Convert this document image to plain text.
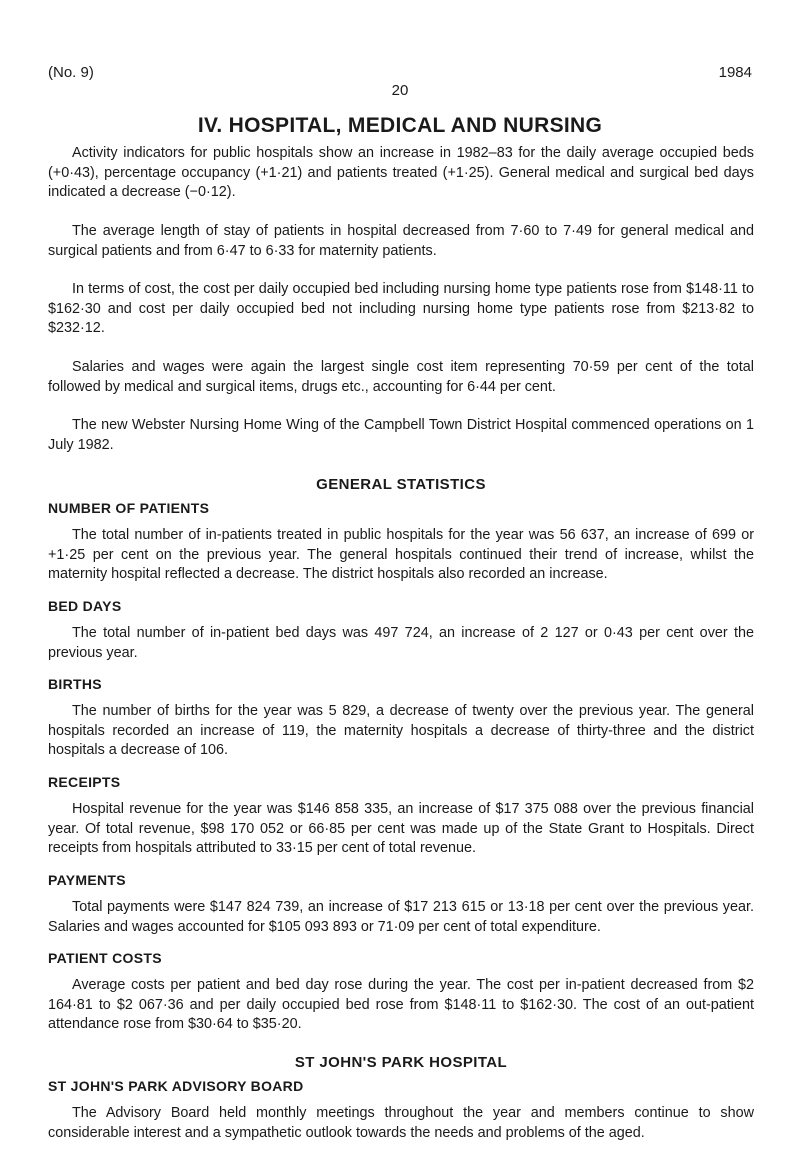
(No. 9)	1984
20
IV. HOSPITAL, MEDICAL AND NURSING

Activity indicators for public hospitals show an increase in 1982–83 for the daily average occupied beds (+0·43), percentage occupancy (+1·21) and patients treated (+1·25). General medical and surgical bed days indicated a decrease (−0·12).

The average length of stay of patients in hospital decreased from 7·60 to 7·49 for general medical and surgical patients and from 6·47 to 6·33 for maternity patients.

In terms of cost, the cost per daily occupied bed including nursing home type patients rose from $148·11 to $162·30 and cost per daily occupied bed not including nursing home type patients rose from $213·82 to $232·12.

Salaries and wages were again the largest single cost item representing 70·59 per cent of the total followed by medical and surgical items, drugs etc., accounting for 6·44 per cent.

The new Webster Nursing Home Wing of the Campbell Town District Hospital commenced operations on 1 July 1982.

GENERAL STATISTICS
NUMBER OF PATIENTS

The total number of in-patients treated in public hospitals for the year was 56 637, an increase of 699 or +1·25 per cent on the previous year. The general hospitals continued their trend of increase, whilst the maternity hospital reflected a decrease. The district hospitals also recorded an increase.

BED DAYS

The total number of in-patient bed days was 497 724, an increase of 2 127 or 0·43 per cent over the previous year.

BIRTHS

The number of births for the year was 5 829, a decrease of twenty over the previous year. The general hospitals recorded an increase of 119, the maternity hospitals a decrease of thirty-three and the district hospitals a decrease of 106.

RECEIPTS

Hospital revenue for the year was $146 858 335, an increase of $17 375 088 over the previous financial year. Of total revenue, $98 170 052 or 66·85 per cent was made up of the State Grant to Hospitals. Direct receipts from hospitals attributed to 33·15 per cent of total revenue.

PAYMENTS

Total payments were $147 824 739, an increase of $17 213 615 or 13·18 per cent over the previous year. Salaries and wages accounted for $105 093 893 or 71·09 per cent of total expenditure.

PATIENT COSTS

Average costs per patient and bed day rose during the year. The cost per in-patient decreased from $2 164·81 to $2 067·36 and per daily occupied bed rose from $148·11 to $162·30. The cost of an out-patient attendance rose from $30·64 to $35·20.

ST JOHN'S PARK HOSPITAL
ST JOHN'S PARK ADVISORY BOARD

The Advisory Board held monthly meetings throughout the year and members continue to show considerable interest and a sympathetic outlook towards the needs and problems of the aged.
